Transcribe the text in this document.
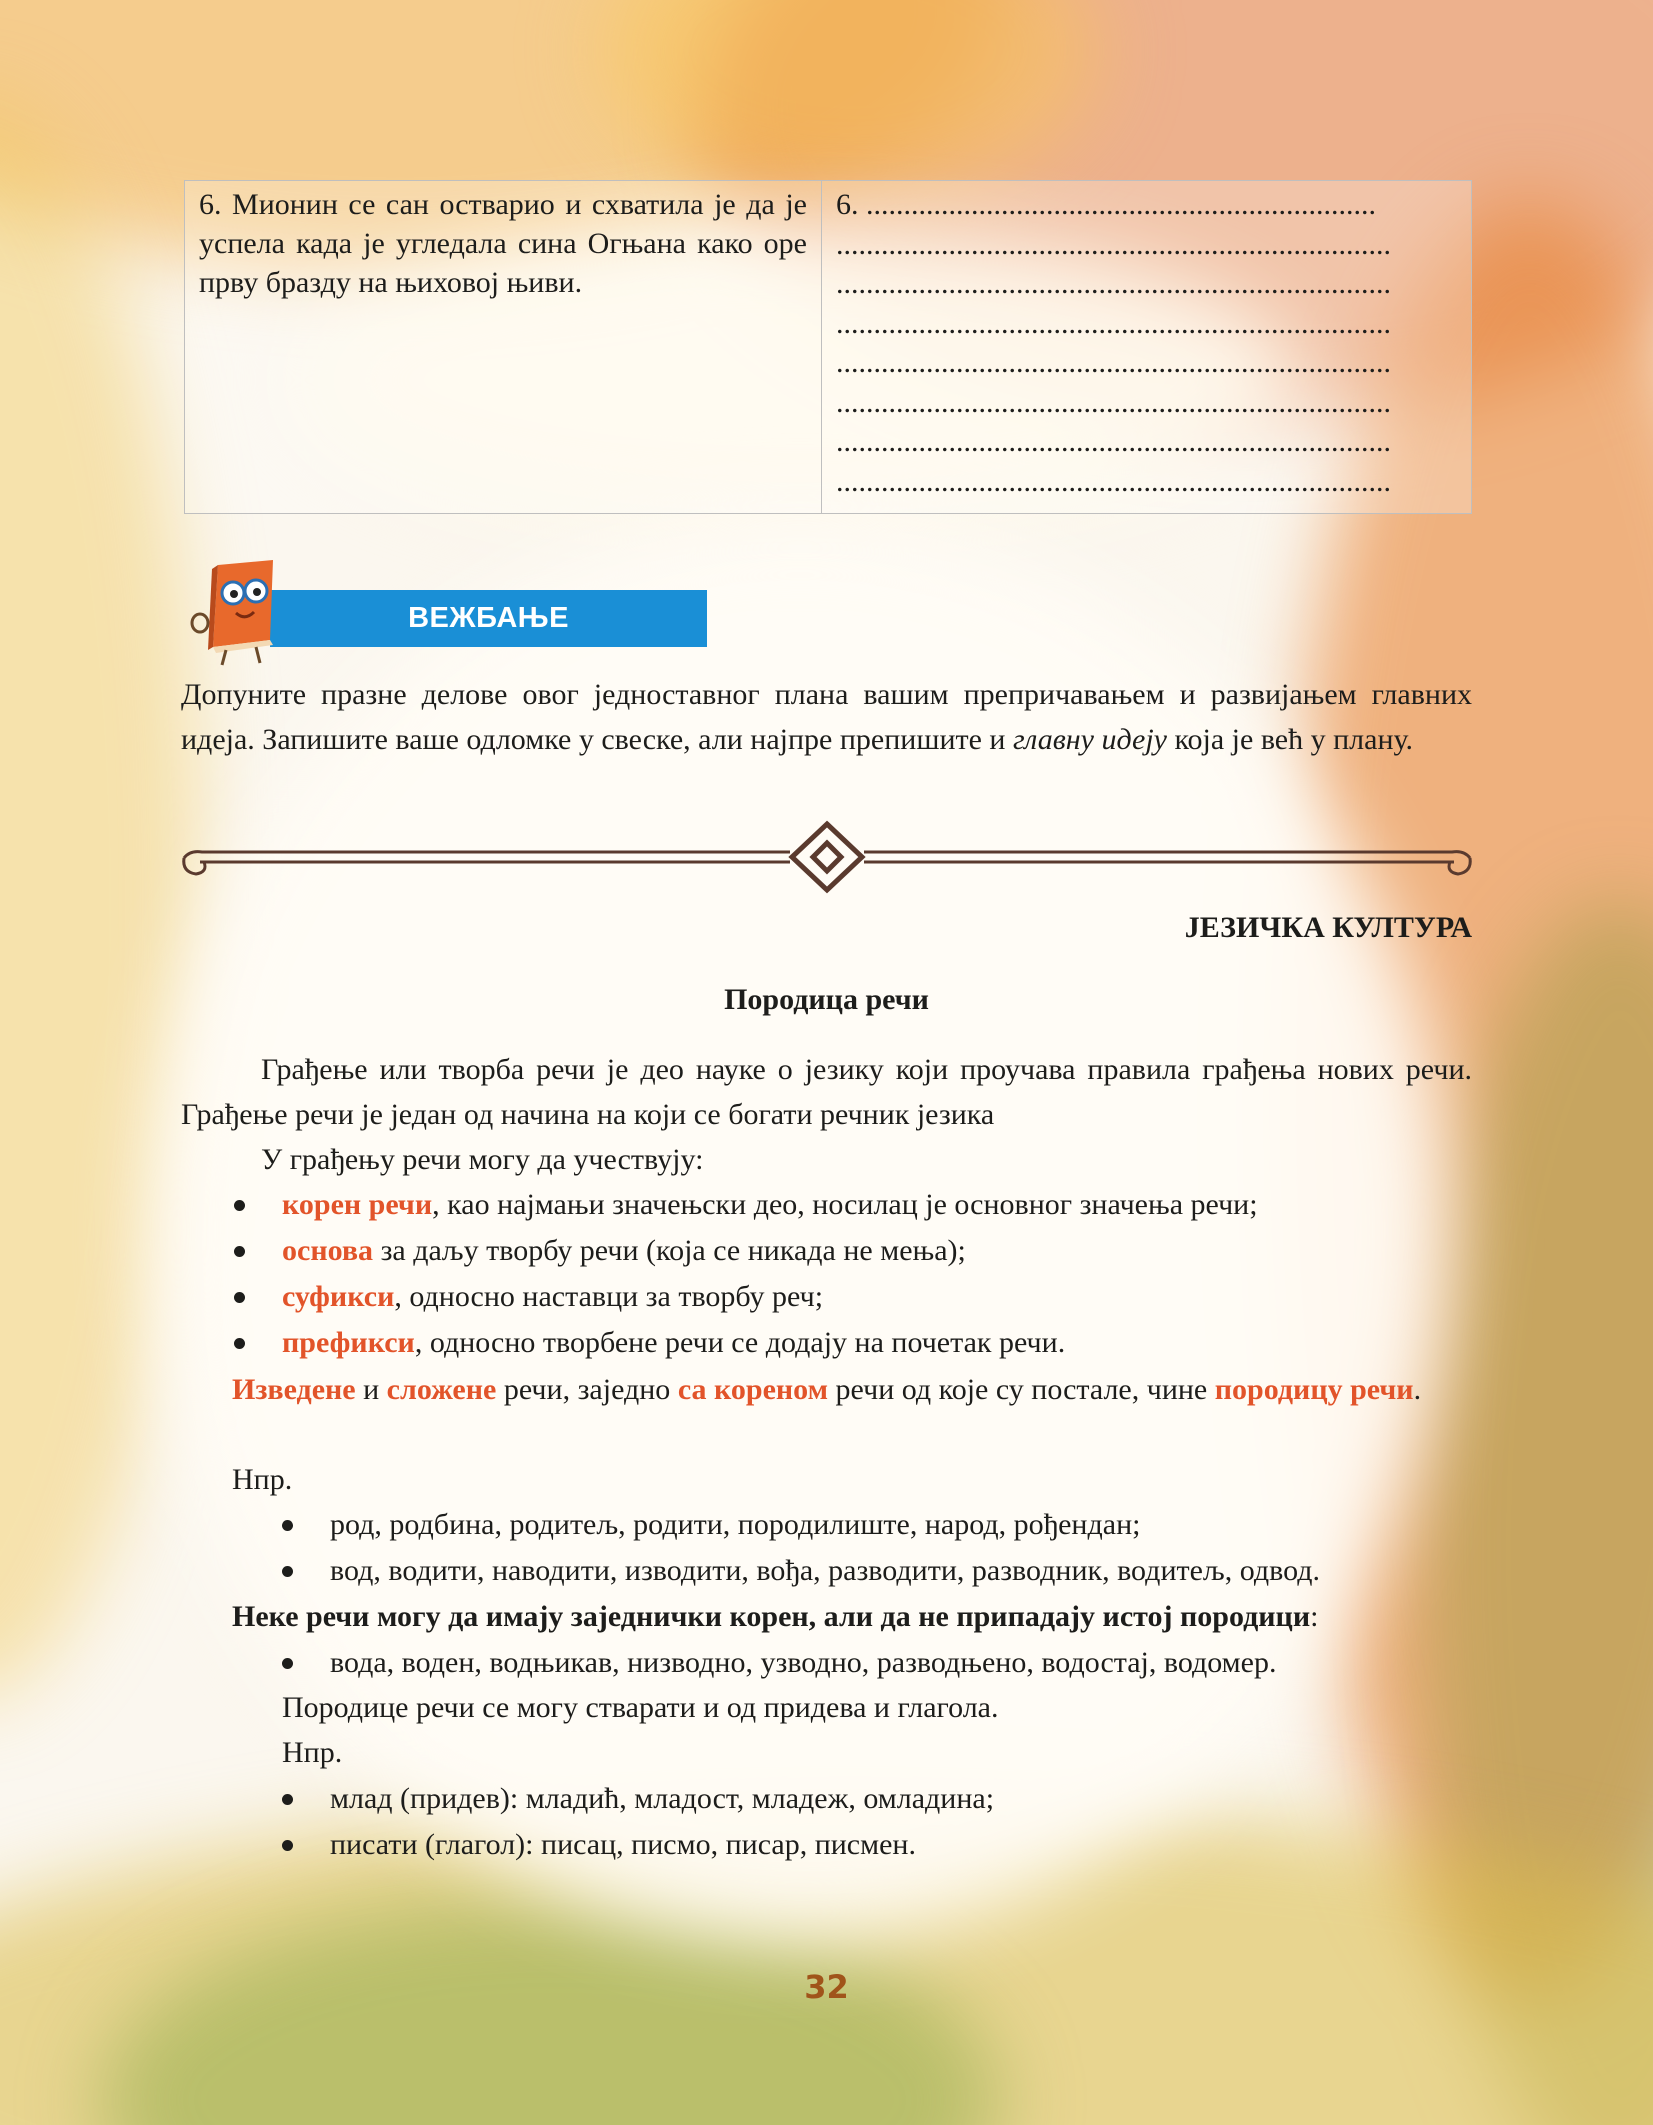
6. Мионин се сан остварио и схватила је да је успела када је угледала сина Огњана како оре прву бразду на њиховој њиви.
6. ....................................................................
..........................................................................
..........................................................................
..........................................................................
..........................................................................
..........................................................................
..........................................................................
..........................................................................
ВЕЖБАЊЕ
Допуните празне делове овог једноставног плана вашим препричавањем и развијањем главних идеја. Запишите ваше одломке у свеске, али најпре препишите и главну идеју која је већ у плану.
ЈЕЗИЧКА КУЛТУРА
Породица речи
Грађење или творба речи је део науке о језику који проучава правила грађења нових речи. Грађење речи је један од начина на који се богати речник језика
У грађењу речи могу да учествују:
корен речи, као најмањи значењски део, носилац је основног значења речи;
основа за даљу творбу речи (која се никада не мења);
суфикси, односно наставци за творбу реч;
префикси, односно творбене речи се додају на почетак речи.
Изведене и сложене речи, заједно са кореном речи од које су постале, чине породицу речи.
Нпр.
род, родбина, родитељ, родити, породилиште, народ, рођендан;
вод, водити, наводити, изводити, вођа, разводити, разводник, водитељ, одвод.
Неке речи могу да имају заједнички корен, али да не припадају истој породици:
вода, воден, водњикав, низводно, узводно, разводњено, водостај, водомер.
Породице речи се могу стварати и од придева и глагола.
Нпр.
млад (придев): младић, младост, младеж, омладина;
писати (глагол): писац, писмо, писар, писмен.
32
